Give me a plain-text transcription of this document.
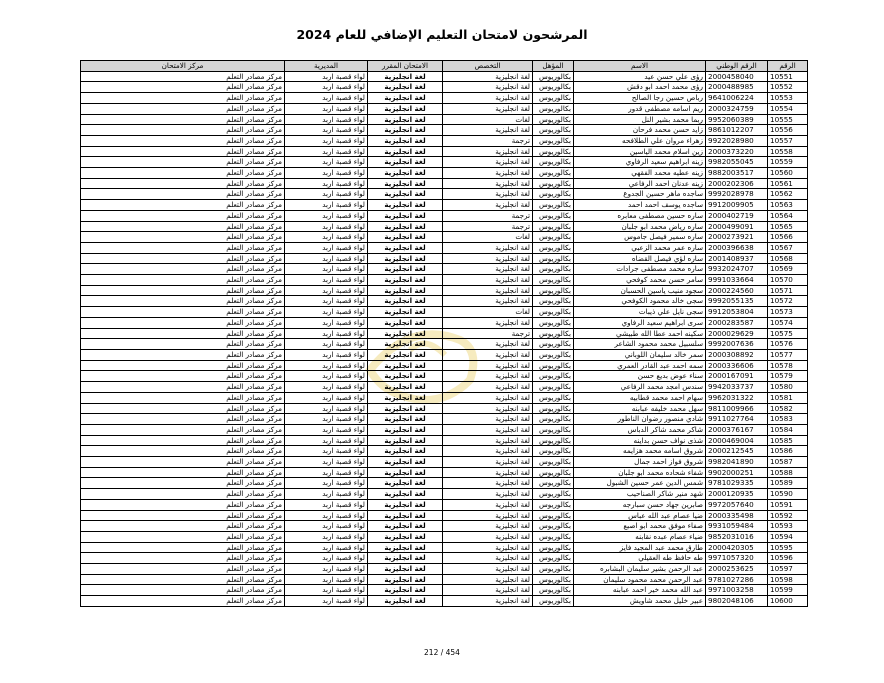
المرشحون لامتحان التعليم الإضافي للعام 2024
الرقم	الرقم الوطني	الاسم	المؤهل	التخصص	الامتحان المقرر	المديرية	مركز الامتحان
10551	2000458040	رؤى علي حسن عيد	بكالوريوس	لغة انجليزية	لغة انجليزية	لواء قصبة اربد	مركز مصادر التعلم
10552	2000488985	رؤى محمد احمد ابو دقش	بكالوريوس	لغة انجليزية	لغة انجليزية	لواء قصبة اربد	مركز مصادر التعلم
10553	9641006224	رباص حسين رجا الصالح	بكالوريوس	لغة انجليزية	لغة انجليزية	لواء قصبة اربد	مركز مصادر التعلم
10554	2000324759	ريم اسامه مصطفى قدور	بكالوريوس	لغة انجليزية	لغة انجليزية	لواء قصبة اربد	مركز مصادر التعلم
10555	9952060389	ربما محمد بشير النل	بكالوريوس	لغات	لغة انجليزية	لواء قصبة اربد	مركز مصادر التعلم
10556	9861012207	زايد حسن محمد فرحان	بكالوريوس	لغة انجليزية	لغة انجليزية	لواء قصبة اربد	مركز مصادر التعلم
10557	9922028980	زهراء مروان علي الطلافحه	بكالوريوس	ترجمة	لغة انجليزية	لواء قصبة اربد	مركز مصادر التعلم
10558	2000373220	زين اسلام محمد الياسين	بكالوريوس	لغة انجليزية	لغة انجليزية	لواء قصبة اربد	مركز مصادر التعلم
10559	9982055045	زينه ابراهيم سعيد الرفاوي	بكالوريوس	لغة انجليزية	لغة انجليزية	لواء قصبة اربد	مركز مصادر التعلم
10560	9882003517	زينه عطيه محمد الفقهي	بكالوريوس	لغة انجليزية	لغة انجليزية	لواء قصبة اربد	مركز مصادر التعلم
10561	2000202306	زينه عدنان احمد الرفاعي	بكالوريوس	لغة انجليزية	لغة انجليزية	لواء قصبة اربد	مركز مصادر التعلم
10562	9992028978	ساجده ماهر حسين الجدوع	بكالوريوس	لغة انجليزية	لغة انجليزية	لواء قصبة اربد	مركز مصادر التعلم
10563	9912009905	ساجده يوسف احمد احمد	بكالوريوس	لغة انجليزية	لغة انجليزية	لواء قصبة اربد	مركز مصادر التعلم
10564	2000402719	ساره حسين مصطفى معابره	بكالوريوس	ترجمة	لغة انجليزية	لواء قصبة اربد	مركز مصادر التعلم
10565	2000499091	ساره رياض محمد ابو جلبان	بكالوريوس	ترجمة	لغة انجليزية	لواء قصبة اربد	مركز مصادر التعلم
10566	2000273921	ساره سمير فيصل جاموس	بكالوريوس	لغات	لغة انجليزية	لواء قصبة اربد	مركز مصادر التعلم
10567	2000396638	ساره عمر محمد الزعبي	بكالوريوس	لغة انجليزية	لغة انجليزية	لواء قصبة اربد	مركز مصادر التعلم
10568	2001408937	ساره لؤي فيصل القضاه	بكالوريوس	لغة انجليزية	لغة انجليزية	لواء قصبة اربد	مركز مصادر التعلم
10569	9932024707	ساره محمد مصطفى جرادات	بكالوريوس	لغة انجليزية	لغة انجليزية	لواء قصبة اربد	مركز مصادر التعلم
10570	9991033664	سامر حسن محمد كوفحي	بكالوريوس	لغة انجليزية	لغة انجليزية	لواء قصبة اربد	مركز مصادر التعلم
10571	2000224560	سجود منيب ياسين الحسبان	بكالوريوس	لغة انجليزية	لغة انجليزية	لواء قصبة اربد	مركز مصادر التعلم
10572	9992055135	سجى خالد محمود الكوفحي	بكالوريوس	لغة انجليزية	لغة انجليزية	لواء قصبة اربد	مركز مصادر التعلم
10573	9912053804	سجى نايل علي ذيبات	بكالوريوس	لغات	لغة انجليزية	لواء قصبة اربد	مركز مصادر التعلم
10574	2000283587	سرى ابراهيم سعيد الرفاوي	بكالوريوس	لغة انجليزية	لغة انجليزية	لواء قصبة اربد	مركز مصادر التعلم
10575	2000029629	سكينه احمد عطا الله طبيشي	بكالوريوس	ترجمة	لغة انجليزية	لواء قصبة اربد	مركز مصادر التعلم
10576	9992007636	سلسبيل محمد محمود الشاعر	بكالوريوس	لغة انجليزية	لغة انجليزية	لواء قصبة اربد	مركز مصادر التعلم
10577	2000308892	سمر خالد سليمان اللوباني	بكالوريوس	لغة انجليزية	لغة انجليزية	لواء قصبة اربد	مركز مصادر التعلم
10578	2000336606	سمه احمد عبد القادر العمري	بكالوريوس	لغة انجليزية	لغة انجليزية	لواء قصبة اربد	مركز مصادر التعلم
10579	2000167091	سناء عوض بديع حسن	بكالوريوس	لغة انجليزية	لغة انجليزية	لواء قصبة اربد	مركز مصادر التعلم
10580	9942033737	سندس امجد محمد الرفاعي	بكالوريوس	لغة انجليزية	لغة انجليزية	لواء قصبة اربد	مركز مصادر التعلم
10581	9962031322	سهام احمد محمد قطابيه	بكالوريوس	لغة انجليزية	لغة انجليزية	لواء قصبة اربد	مركز مصادر التعلم
10582	9811009966	سهل محمد خليفه عبابنه	بكالوريوس	لغة انجليزية	لغة انجليزية	لواء قصبة اربد	مركز مصادر التعلم
10583	9911027764	شادي منصور رضوان الناطور	بكالوريوس	لغة انجليزية	لغة انجليزية	لواء قصبة اربد	مركز مصادر التعلم
10584	2000376167	شاكر محمد شاكر الدباس	بكالوريوس	لغة انجليزية	لغة انجليزية	لواء قصبة اربد	مركز مصادر التعلم
10585	2000469004	شذى نواف حسن بداينه	بكالوريوس	لغة انجليزية	لغة انجليزية	لواء قصبة اربد	مركز مصادر التعلم
10586	2000212545	شروق اسامه محمد هزايمه	بكالوريوس	لغة انجليزية	لغة انجليزية	لواء قصبة اربد	مركز مصادر التعلم
10587	9982041890	شروق فواز احمد جمال	بكالوريوس	لغة انجليزية	لغة انجليزية	لواء قصبة اربد	مركز مصادر التعلم
10588	9902000251	شفاء شحاده محمد ابو جلبان	بكالوريوس	لغة انجليزية	لغة انجليزية	لواء قصبة اربد	مركز مصادر التعلم
10589	9781029335	شمس الدين عمر حسين الشبول	بكالوريوس	لغة انجليزية	لغة انجليزية	لواء قصبة اربد	مركز مصادر التعلم
10590	2000120935	شهد منير شاكر الصناحيب	بكالوريوس	لغة انجليزية	لغة انجليزية	لواء قصبة اربد	مركز مصادر التعلم
10591	9972057640	صابرين جهاد حسن سبارجه	بكالوريوس	لغة انجليزية	لغة انجليزية	لواء قصبة اربد	مركز مصادر التعلم
10592	2000335498	ضيا عصام عبد الله عباس	بكالوريوس	لغة انجليزية	لغة انجليزية	لواء قصبة اربد	مركز مصادر التعلم
10593	9931059484	صفاء موفق محمد ابو اصبع	بكالوريوس	لغة انجليزية	لغة انجليزية	لواء قصبة اربد	مركز مصادر التعلم
10594	9852031016	ضياء عصام عبده نقابنه	بكالوريوس	لغة انجليزية	لغة انجليزية	لواء قصبة اربد	مركز مصادر التعلم
10595	2000420305	طارق محمد عبد المجيد فايز	بكالوريوس	لغة انجليزية	لغة انجليزية	لواء قصبة اربد	مركز مصادر التعلم
10596	9971057320	طه حافظ طه العقيلي	بكالوريوس	لغة انجليزية	لغة انجليزية	لواء قصبة اربد	مركز مصادر التعلم
10597	2000253625	عبد الرحمن بشير سليمان البشابره	بكالوريوس	لغة انجليزية	لغة انجليزية	لواء قصبة اربد	مركز مصادر التعلم
10598	9781027286	عبد الرحمن محمد محمود سليمان	بكالوريوس	لغة انجليزية	لغة انجليزية	لواء قصبة اربد	مركز مصادر التعلم
10599	9971003258	عبد الله محمد خير احمد عبابنه	بكالوريوس	لغة انجليزية	لغة انجليزية	لواء قصبة اربد	مركز مصادر التعلم
10600	9802048106	عبير خليل محمد شاويش	بكالوريوس	لغة انجليزية	لغة انجليزية	لواء قصبة اربد	مركز مصادر التعلم
212 / 454
